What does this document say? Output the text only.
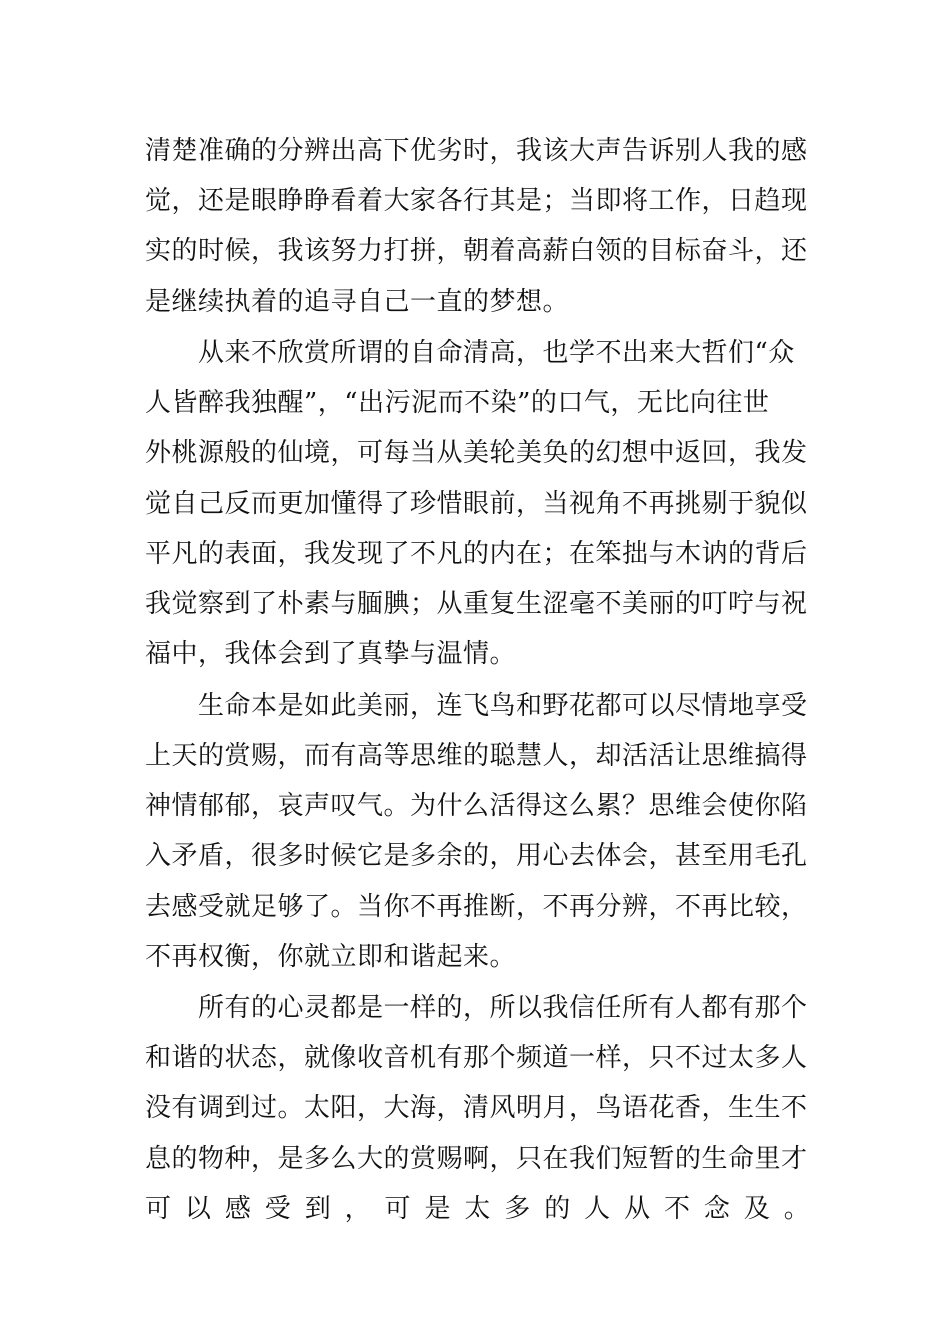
清楚准确的分辨出高下优劣时，我该大声告诉别人我的感
觉，还是眼睁睁看着大家各行其是；当即将工作，日趋现
实的时候，我该努力打拼，朝着高薪白领的目标奋斗，还
是继续执着的追寻自己一直的梦想。
从来不欣赏所谓的自命清高，也学不出来大哲们“众
人皆醉我独醒”，“出污泥而不染”的口气，无比向往世
外桃源般的仙境，可每当从美轮美奂的幻想中返回，我发
觉自己反而更加懂得了珍惜眼前，当视角不再挑剔于貌似
平凡的表面，我发现了不凡的内在；在笨拙与木讷的背后
我觉察到了朴素与腼腆；从重复生涩毫不美丽的叮咛与祝
福中，我体会到了真挚与温情。
生命本是如此美丽，连飞鸟和野花都可以尽情地享受
上天的赏赐，而有高等思维的聪慧人，却活活让思维搞得
神情郁郁，哀声叹气。为什么活得这么累？思维会使你陷
入矛盾，很多时候它是多余的，用心去体会，甚至用毛孔
去感受就足够了。当你不再推断，不再分辨，不再比较，
不再权衡，你就立即和谐起来。
所有的心灵都是一样的，所以我信任所有人都有那个
和谐的状态，就像收音机有那个频道一样，只不过太多人
没有调到过。太阳，大海，清风明月，鸟语花香，生生不
息的物种，是多么大的赏赐啊，只在我们短暂的生命里才
可 以 感 受 到 ， 可 是 太 多 的 人 从 不 念 及 。
